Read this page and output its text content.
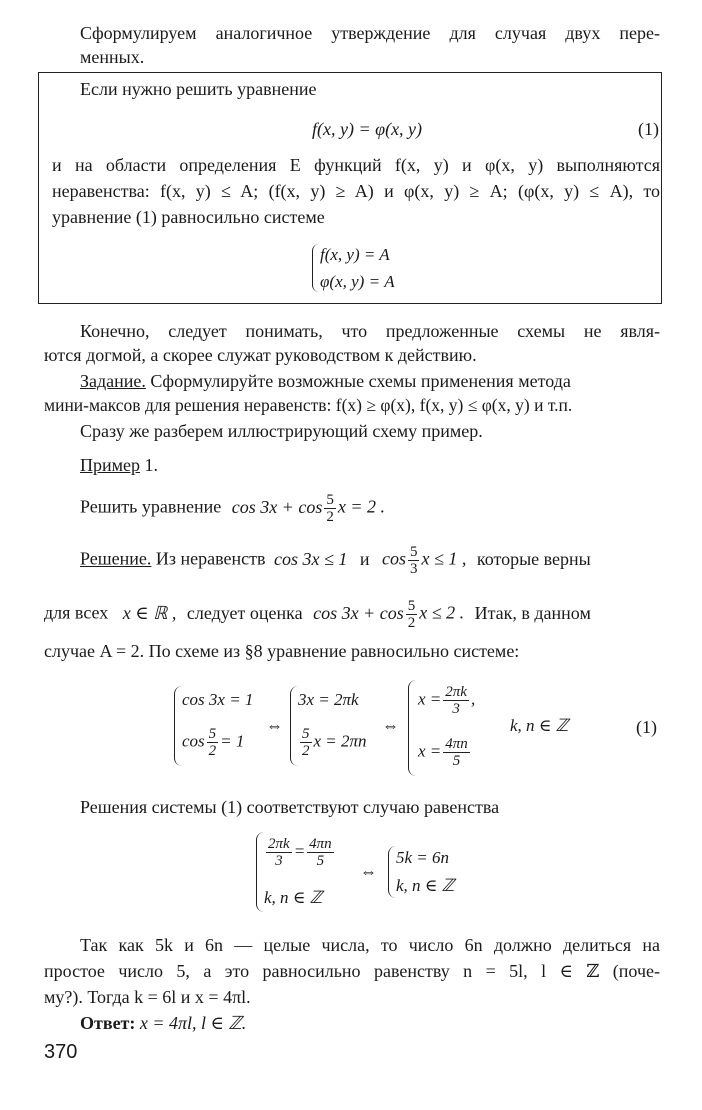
Сформулируем аналогичное утверждение для случая двух пере-
менных.
Если нужно решить уравнение
f(x, y) = φ(x, y)	(1)
и на области определения E функций f(x, y) и φ(x, y) выполняются
неравенства: f(x, y) ≤ A; (f(x, y) ≥ A) и φ(x, y) ≥ A; (φ(x, y) ≤ A), то
уравнение (1) равносильно системе
f(x, y) = A
φ(x, y) = A
Конечно, следует понимать, что предложенные схемы не явля-
ются догмой, а скорее служат руководством к действию.
Задание. Сформулируйте возможные схемы применения метода
мини-максов для решения неравенств: f(x) ≥ φ(x), f(x, y) ≤ φ(x, y) и т.п.
Сразу же разберем иллюстрирующий схему пример.
Пример 1.
Решить уравнение $\cos 3x + \cos \frac{5}{2}$ x = 2 .
Решение. Из неравенств cos 3x ≤ 1 и $\cos \frac{5}{3}$ x ≤ 1 , которые верны
для всех x ∈ ℝ , следует оценка $\cos 3x + \cos \frac{5}{2}$ x ≤ 2 . Итак, в данном
случае A = 2. По схеме из §8 уравнение равносильно системе:
cos 3x = 1
$\cos \frac{5}{2} = 1$
⇔
3x = 2πk
$\frac{5}{2}$ x = 2πn
⇔
$x = \frac{2\pi k}{3}$ ,
$x = \frac{4\pi n}{5}$
k, n ∈ ℤ	(1)
Решения системы (1) соответствуют случаю равенства
$\frac{2\pi k}{3} = \frac{4\pi n}{5}$
k, n ∈ ℤ
⇔
5k = 6n
k, n ∈ ℤ
Так как 5k и 6n — целые числа, то число 6n должно делиться на
простое число 5, а это равносильно равенству n = 5l, l ∈ ℤ (поче-
му?). Тогда k = 6l и x = 4πl.
Ответ: x = 4πl, l ∈ ℤ.
370
